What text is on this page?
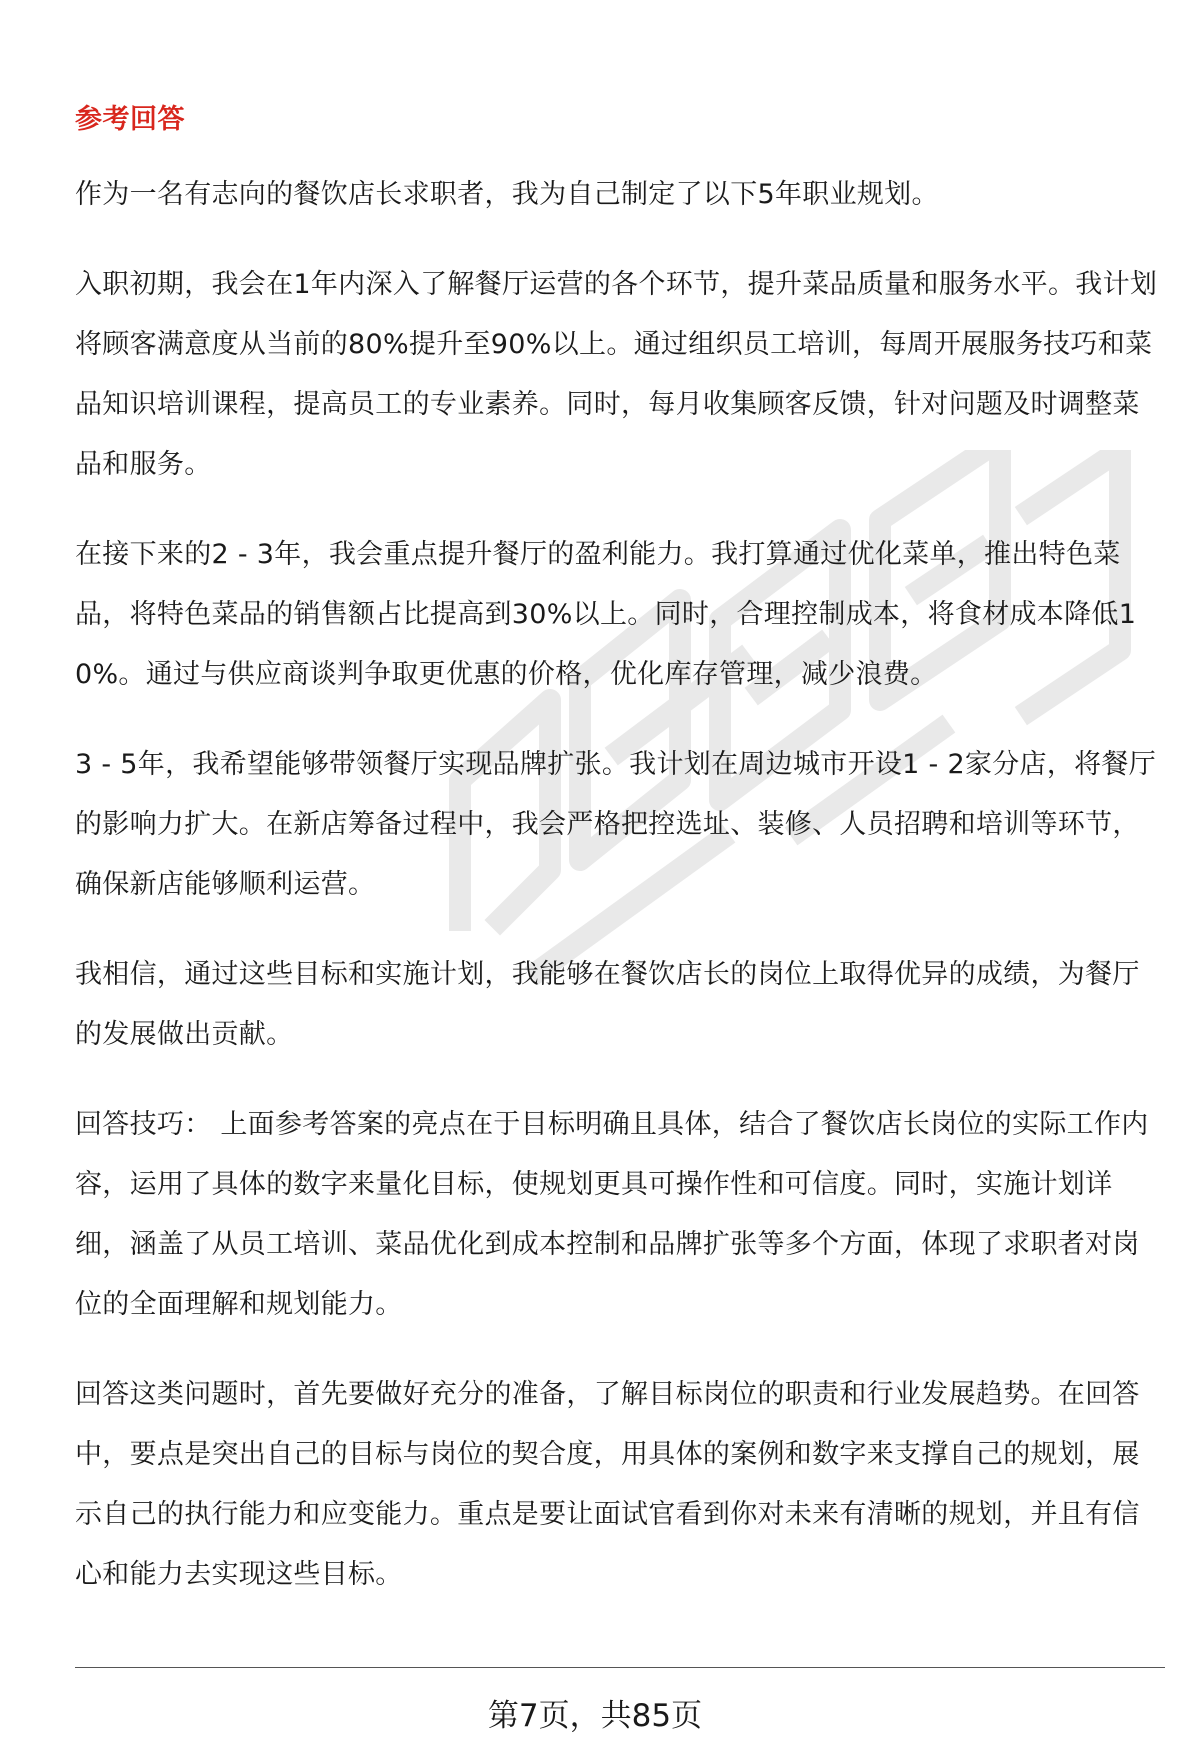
参考回答

作为一名有志向的餐饮店长求职者，我为自己制定了以下5年职业规划。

入职初期，我会在1年内深入了解餐厅运营的各个环节，提升菜品质量和服务水平。我计划将顾客满意度从当前的80%提升至90%以上。通过组织员工培训，每周开展服务技巧和菜品知识培训课程，提高员工的专业素养。同时，每月收集顾客反馈，针对问题及时调整菜品和服务。

在接下来的2 - 3年，我会重点提升餐厅的盈利能力。我打算通过优化菜单，推出特色菜品，将特色菜品的销售额占比提高到30%以上。同时，合理控制成本，将食材成本降低10%。通过与供应商谈判争取更优惠的价格，优化库存管理，减少浪费。

3 - 5年，我希望能够带领餐厅实现品牌扩张。我计划在周边城市开设1 - 2家分店，将餐厅的影响力扩大。在新店筹备过程中，我会严格把控选址、装修、人员招聘和培训等环节，确保新店能够顺利运营。

我相信，通过这些目标和实施计划，我能够在餐饮店长的岗位上取得优异的成绩，为餐厅的发展做出贡献。

回答技巧： 上面参考答案的亮点在于目标明确且具体，结合了餐饮店长岗位的实际工作内容，运用了具体的数字来量化目标，使规划更具可操作性和可信度。同时，实施计划详细，涵盖了从员工培训、菜品优化到成本控制和品牌扩张等多个方面，体现了求职者对岗位的全面理解和规划能力。

回答这类问题时，首先要做好充分的准备，了解目标岗位的职责和行业发展趋势。在回答中，要点是突出自己的目标与岗位的契合度，用具体的案例和数字来支撑自己的规划，展示自己的执行能力和应变能力。重点是要让面试官看到你对未来有清晰的规划，并且有信心和能力去实现这些目标。

第7页，共85页
